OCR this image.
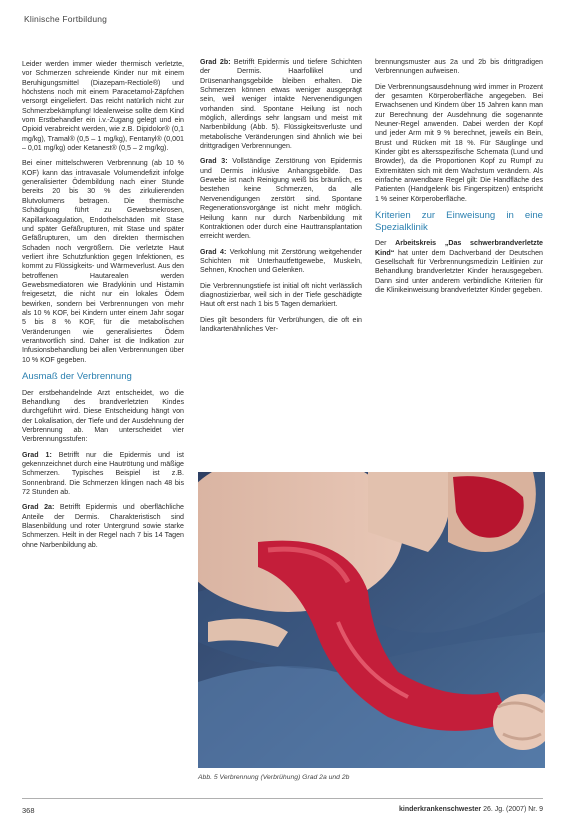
Klinische Fortbildung

Leider werden immer wieder thermisch verletzte, vor Schmerzen schreiende Kinder nur mit einem Beruhigungsmittel (Diazepam-Rectiole®) und höchstens noch mit einem Paracetamol-Zäpfchen versorgt eingeliefert. Das reicht natürlich nicht zur Schmerzbekämpfung! Idealerweise sollte dem Kind vom Erstbehandler ein i.v.-Zugang gelegt und ein Opioid verabreicht werden, wie z.B. Dipidolor® (0,1 mg/kg), Tramal® (0,5 – 1 mg/kg), Fentanyl® (0,001 – 0,01 mg/kg) oder Ketanest® (0,5 – 2 mg/kg).

Bei einer mittelschweren Verbrennung (ab 10 % KOF) kann das intravasale Volumendefizit infolge generalisierter Ödembildung nach einer Stunde bereits 20 bis 30 % des zirkulierenden Blutvolumens betragen. Die thermische Schädigung führt zu Gewebsnekrosen, Kapillarkoagulation, Endothelschäden mit Stase und später Gefäßrupturen, mit Stase und später Gefäßrupturen, um den direkten thermischen Schaden noch vergrößern. Die verletzte Haut verliert ihre Schutzfunktion gegen Infektionen, es kommt zu Flüssigkeits- und Wärmeverlust. Aus den betroffenen Hautarealen werden Gewebsmediatoren wie Bradykinin und Histamin freigesetzt, die nicht nur ein lokales Ödem bewirken, sondern bei Verbrennungen von mehr als 10 % KOF, bei Kindern unter einem Jahr sogar 5 bis 8 % KOF, für die metabolischen Veränderungen wie generalisiertes Ödem verantwortlich sind. Daher ist die Indikation zur Infusionsbehandlung bei allen Verbrennungen über 10 % KOF gegeben.

Ausmaß der Verbrennung

Der erstbehandelnde Arzt entscheidet, wo die Behandlung des brandverletzten Kindes durchgeführt wird. Diese Entscheidung hängt von der Lokalisation, der Tiefe und der Ausdehnung der Verbrennung ab. Man unterscheidet vier Verbrennungsstufen:

Grad 1: Betrifft nur die Epidermis und ist gekennzeichnet durch eine Hautrötung und mäßige Schmerzen. Typisches Beispiel ist z.B. Sonnenbrand. Die Schmerzen klingen nach 48 bis 72 Stunden ab.

Grad 2a: Betrifft Epidermis und oberflächliche Anteile der Dermis. Charakteristisch sind Blasenbildung und roter Untergrund sowie starke Schmerzen. Heilt in der Regel nach 7 bis 14 Tagen ohne Narbenbildung ab.

Grad 2b: Betrifft Epidermis und tiefere Schichten der Dermis. Haarfollikel und Drüsenanhangsgebilde bleiben erhalten. Die Schmerzen können etwas weniger ausgeprägt sein, weil weniger intakte Nervenendigungen vorhanden sind. Spontane Heilung ist noch möglich, allerdings sehr langsam und meist mit Narbenbildung (Abb. 5). Flüssigkeitsverluste und metabolische Veränderungen sind ähnlich wie bei drittgradigen Verbrennungen.

Grad 3: Vollständige Zerstörung von Epidermis und Dermis inklusive Anhangsgebilde. Das Gewebe ist nach Reinigung weiß bis bräunlich, es bestehen keine Schmerzen, da alle Nervenendigungen zerstört sind. Spontane Regenerationsvorgänge ist nicht mehr möglich. Heilung kann nur durch Narbenbildung mit Kontraktionen oder durch eine Hauttransplantation erreicht werden.

Grad 4: Verkohlung mit Zerstörung weitgehender Schichten mit Unterhautfettgewebe, Muskeln, Sehnen, Knochen und Gelenken.

Die Verbrennungstiefe ist initial oft nicht verlässlich diagnostizierbar, weil sich in der Tiefe geschädigte Haut oft erst nach 1 bis 5 Tagen demarkiert.

Dies gilt besonders für Verbrühungen, die oft ein landkartenähnliches Ver-

brennungsmuster aus 2a und 2b bis drittgradigen Verbrennungen aufweisen.

Die Verbrennungsausdehnung wird immer in Prozent der gesamten Körperoberfläche angegeben. Bei Erwachsenen und Kindern über 15 Jahren kann man zur Berechnung der Ausdehnung die sogenannte Neuner-Regel anwenden. Dabei werden der Kopf und jeder Arm mit 9 % berechnet, jeweils ein Bein, Brust und Rücken mit 18 %. Für Säuglinge und Kinder gibt es altersspezifische Schemata (Lund und Browder), da die Proportionen Kopf zu Rumpf zu Extremitäten sich mit dem Wachstum verändern. Als einfache anwendbare Regel gilt: Die Handfläche des Patienten (Handgelenk bis Fingerspitzen) entspricht 1 % seiner Körperoberfläche.

Kriterien zur Einweisung in eine Spezialklinik

Der Arbeitskreis „Das schwerbrandverletzte Kind“ hat unter dem Dachverband der Deutschen Gesellschaft für Verbrennungsmedizin Leitlinien zur Behandlung brandverletzter Kinder herausgegeben. Dann sind unter anderem verbindliche Kriterien für die Klinikeinweisung brandverletzter Kinder gegeben.

Abb. 5 Verbrennung (Verbrühung) Grad 2a und 2b
368	kinderkrankenschwester 26. Jg. (2007) Nr. 9
